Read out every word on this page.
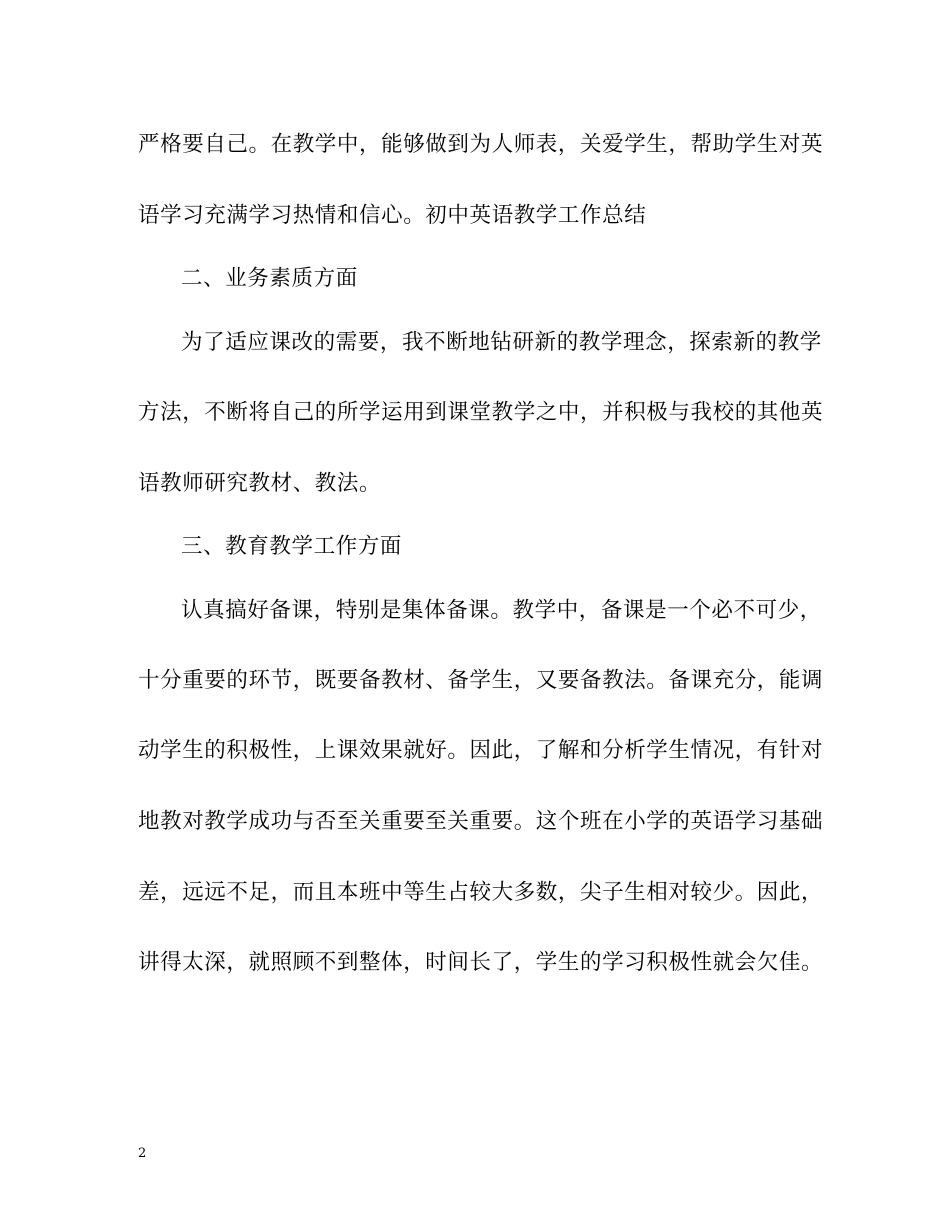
严格要自己。在教学中，能够做到为人师表，关爱学生，帮助学生对英
语学习充满学习热情和信心。初中英语教学工作总结
二、业务素质方面
为了适应课改的需要，我不断地钻研新的教学理念，探索新的教学
方法，不断将自己的所学运用到课堂教学之中，并积极与我校的其他英
语教师研究教材、教法。
三、教育教学工作方面
认真搞好备课，特别是集体备课。教学中，备课是一个必不可少，
十分重要的环节，既要备教材、备学生，又要备教法。备课充分，能调
动学生的积极性，上课效果就好。因此，了解和分析学生情况，有针对
地教对教学成功与否至关重要至关重要。这个班在小学的英语学习基础
差，远远不足，而且本班中等生占较大多数，尖子生相对较少。因此，
讲得太深，就照顾不到整体，时间长了，学生的学习积极性就会欠佳。
2
